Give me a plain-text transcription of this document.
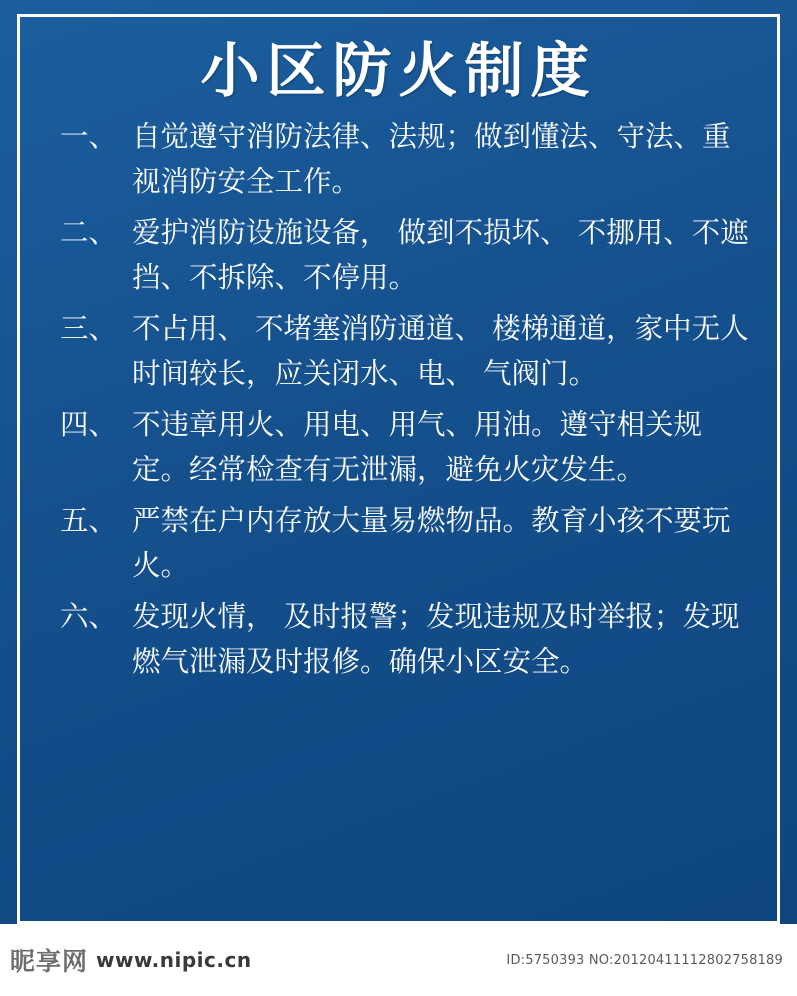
小区防火制度
一、 自觉遵守消防法律、法规；做到懂法、守法、重视消防安全工作。
二、 爱护消防设施设备， 做到不损坏、 不挪用、不遮挡、不拆除、不停用。
三、 不占用、 不堵塞消防通道、 楼梯通道，家中无人时间较长，应关闭水、电、 气阀门。
四、 不违章用火、用电、用气、用油。遵守相关规定。经常检查有无泄漏，避免火灾发生。
五、 严禁在户内存放大量易燃物品。教育小孩不要玩火。
六、 发现火情， 及时报警；发现违规及时举报；发现燃气泄漏及时报修。确保小区安全。
昵享网 www.nipic.cn	ID:5750393 NO:20120411112802758189
